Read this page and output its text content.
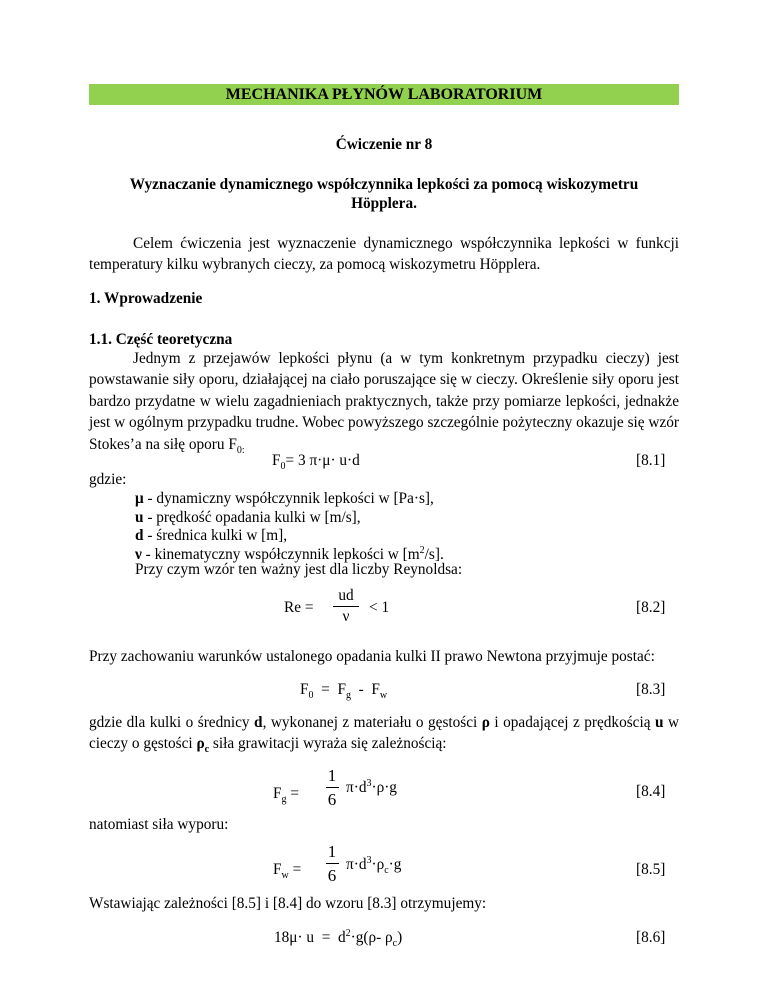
MECHANIKA PŁYNÓW LABORATORIUM
Ćwiczenie nr 8
Wyznaczanie dynamicznego współczynnika lepkości za pomocą wiskozymetru
Höpplera.
Celem ćwiczenia jest wyznaczenie dynamicznego współczynnika lepkości w funkcji temperatury kilku wybranych cieczy, za pomocą wiskozymetru Höpplera.
1. Wprowadzenie
1.1. Część teoretyczna
Jednym z przejawów lepkości płynu (a w tym konkretnym przypadku cieczy) jest powstawanie siły oporu, działającej na ciało poruszające się w cieczy. Określenie siły oporu jest bardzo przydatne w wielu zagadnieniach praktycznych, także przy pomiarze lepkości, jednakże jest w ogólnym przypadku trudne. Wobec powyższego szczególnie pożyteczny okazuje się wzór Stokes’a na siłę oporu $F_{0:}$
$F_0= 3$ π·μ· u·d	[8.1]
gdzie:
μ - dynamiczny współczynnik lepkości w [Pa·s],
u - prędkość opadania kulki w [m/s],
d - średnica kulki w [m],
ν - kinematyczny współczynnik lepkości w $[m^2/s]$.
Przy czym wzór ten ważny jest dla liczby Reynoldsa:
Re =
ud
ν
< 1	[8.2]
Przy zachowaniu warunków ustalonego opadania kulki II prawo Newtona przyjmuje postać:
$F_0 = F_g - F_w$	[8.3]
gdzie dla kulki o średnicy d, wykonanej z materiału o gęstości ρ i opadającej z prędkością u w cieczy o gęstości $\rho_c$ siła grawitacji wyraża się zależnością:
$F_g$ =
1
6
$\pi\cdot d^3\cdot\rho\cdot g$	[8.4]
natomiast siła wyporu:
$F_w$ =
1
6
$\pi\cdot d^3\cdot\rho_c\cdot g$	[8.5]
Wstawiając zależności [8.5] i [8.4] do wzoru [8.3] otrzymujemy:
$18\mu\cdot u = d^2\cdot g(\rho-$ $\rho_c$)	[8.6]
